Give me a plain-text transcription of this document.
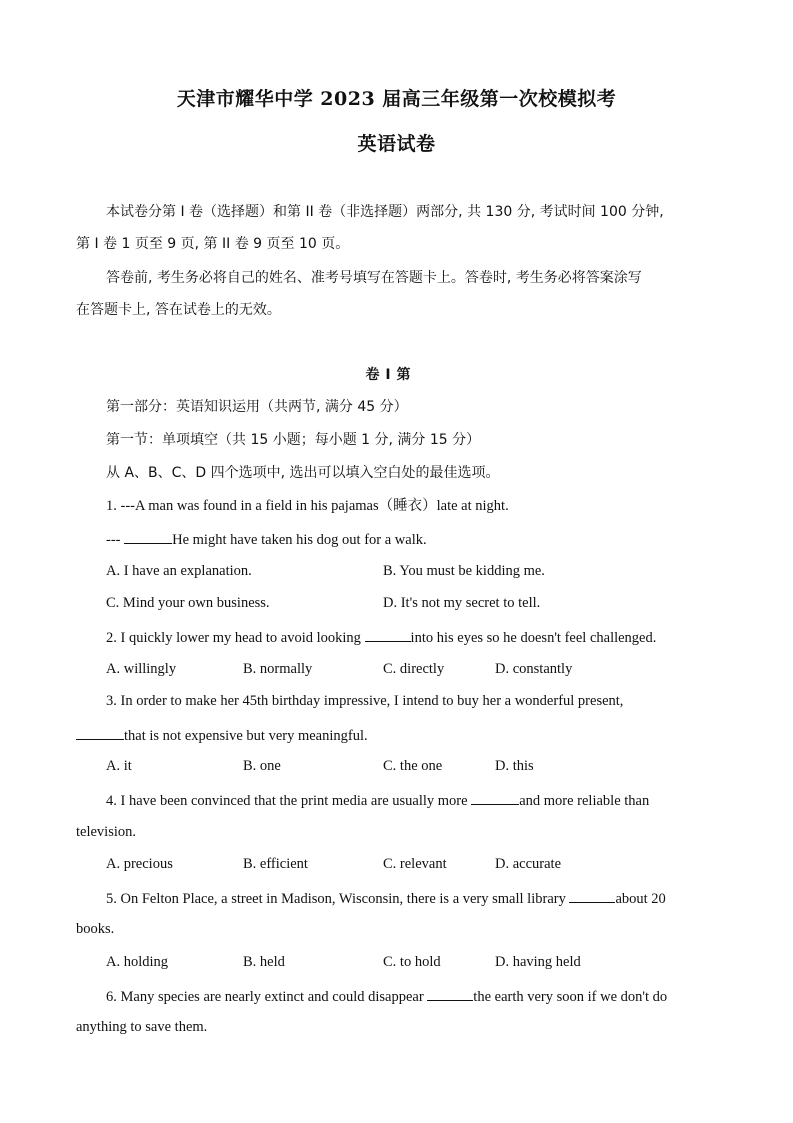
天津市耀华中学 2023 届高三年级第一次校模拟考
英语试卷
本试卷分第 I 卷（选择题）和第 II 卷（非选择题）两部分, 共 130 分, 考试时间 100 分钟,
第 I 卷 1 页至 9 页, 第 II 卷 9 页至 10 页。
答卷前, 考生务必将自己的姓名、准考号填写在答题卡上。答卷时, 考生务必将答案涂写
在答题卡上, 答在试卷上的无效。
第一部分：英语知识运用（共两节, 满分 45 分）
第一节：单项填空（共 15 小题；每小题 1 分, 满分 15 分）
从 A、B、C、D 四个选项中, 选出可以填入空白处的最佳选项。
1. ---A man was found in a field in his pajamas（睡衣）late at night.
---	He might have taken his dog out for a walk.
A. I have an explanation.	B. You must be kidding me.
C. Mind your own business.	D. It's not my secret to tell.
2. I quickly lower my head to avoid looking	into his eyes so he doesn't feel challenged.
A. willingly	B. normally	C. directly	D. constantly
3. In order to make her 45th birthday impressive, I intend to buy her a wonderful present,
that is not expensive but very meaningful.
A. it	B. one	C. the one	D. this
4. I have been convinced that the print media are usually more	and more reliable than
television.
A. precious	B. efficient	C. relevant	D. accurate
5. On Felton Place, a street in Madison, Wisconsin, there is a very small library	about 20
books.
A. holding	B. held	C. to hold	D. having held
6. Many species are nearly extinct and could disappear	the earth very soon if we don't do
anything to save them.
